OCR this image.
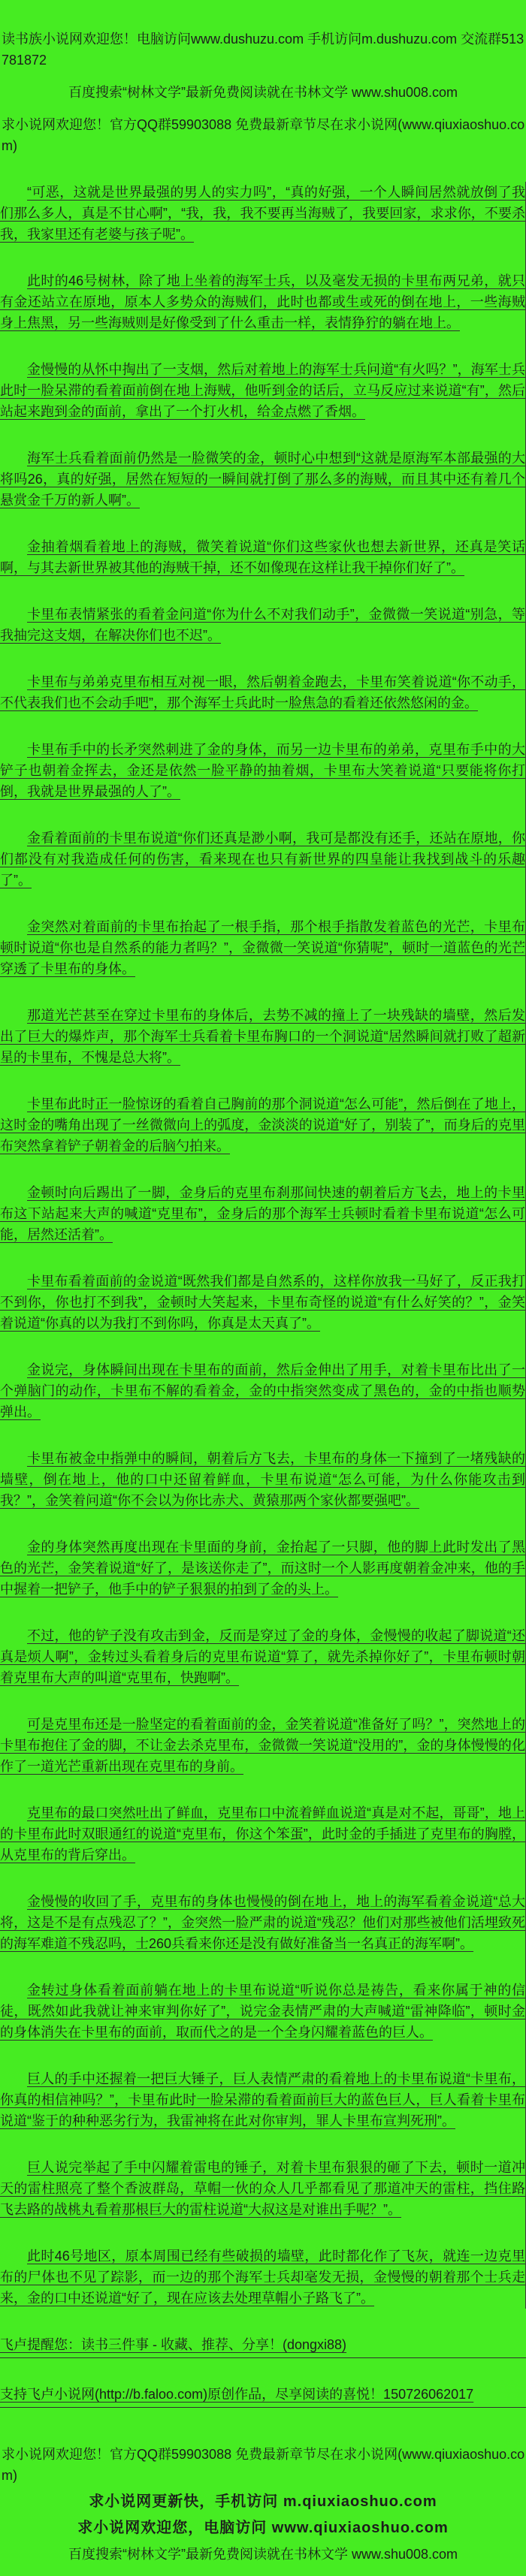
读书族小说网欢迎您！电脑访问www.dushuzu.com 手机访问m.dushuzu.com 交流群513781872

百度搜索“树林文学”最新免费阅读就在书林文学 www.shu008.com

求小说网欢迎您！官方QQ群59903088 免费最新章节尽在求小说网(www.qiuxiaoshuo.com)

“可恶，这就是世界最强的男人的实力吗”，“真的好强，一个人瞬间居然就放倒了我们那么多人，真是不甘心啊”，“我，我，我不要再当海贼了，我要回家，求求你，不要杀我，我家里还有老婆与孩子呢”。

此时的46号树林，除了地上坐着的海军士兵，以及毫发无损的卡里布两兄弟，就只有金还站立在原地，原本人多势众的海贼们，此时也都或生或死的倒在地上，一些海贼身上焦黑，另一些海贼则是好像受到了什么重击一样，表情狰狞的躺在地上。

金慢慢的从怀中掏出了一支烟，然后对着地上的海军士兵问道“有火吗？”，海军士兵此时一脸呆滞的看着面前倒在地上海贼，他听到金的话后，立马反应过来说道“有”，然后站起来跑到金的面前，拿出了一个打火机，给金点燃了香烟。

海军士兵看着面前仍然是一脸微笑的金，顿时心中想到“这就是原海军本部最强的大将吗26，真的好强，居然在短短的一瞬间就打倒了那么多的海贼，而且其中还有着几个悬赏金千万的新人啊”。

金抽着烟看着地上的海贼，微笑着说道“你们这些家伙也想去新世界，还真是笑话啊，与其去新世界被其他的海贼干掉，还不如像现在这样让我干掉你们好了”。

卡里布表情紧张的看着金问道“你为什么不对我们动手”，金微微一笑说道“别急，等我抽完这支烟，在解决你们也不迟”。

卡里布与弟弟克里布相互对视一眼，然后朝着金跑去，卡里布笑着说道“你不动手，不代表我们也不会动手吧”，那个海军士兵此时一脸焦急的看着还依然悠闲的金。

卡里布手中的长矛突然刺进了金的身体，而另一边卡里布的弟弟，克里布手中的大铲子也朝着金挥去，金还是依然一脸平静的抽着烟，卡里布大笑着说道“只要能将你打倒，我就是世界最强的人了”。

金看着面前的卡里布说道“你们还真是渺小啊，我可是都没有还手，还站在原地，你们都没有对我造成任何的伤害，看来现在也只有新世界的四皇能让我找到战斗的乐趣了”。

金突然对着面前的卡里布抬起了一根手指，那个根手指散发着蓝色的光芒，卡里布顿时说道“你也是自然系的能力者吗？”，金微微一笑说道“你猜呢”，顿时一道蓝色的光芒穿透了卡里布的身体。

那道光芒甚至在穿过卡里布的身体后，去势不减的撞上了一块残缺的墙壁，然后发出了巨大的爆炸声，那个海军士兵看着卡里布胸口的一个洞说道“居然瞬间就打败了超新星的卡里布，不愧是总大将”。

卡里布此时正一脸惊讶的看着自己胸前的那个洞说道“怎么可能”，然后倒在了地上，这时金的嘴角出现了一丝微微向上的弧度，金淡淡的说道“好了，别装了”，而身后的克里布突然拿着铲子朝着金的后脑勺拍来。

金顿时向后踢出了一脚，金身后的克里布刹那间快速的朝着后方飞去，地上的卡里布这下站起来大声的喊道“克里布”，金身后的那个海军士兵顿时看着卡里布说道“怎么可能，居然还活着”。

卡里布看着面前的金说道“既然我们都是自然系的，这样你放我一马好了，反正我打不到你，你也打不到我”，金顿时大笑起来，卡里布奇怪的说道“有什么好笑的？”，金笑着说道“你真的以为我打不到你吗，你真是太天真了”。

金说完，身体瞬间出现在卡里布的面前，然后金伸出了用手，对着卡里布比出了一个弹脑门的动作，卡里布不解的看着金，金的中指突然变成了黑色的，金的中指也顺势弹出。

卡里布被金中指弹中的瞬间，朝着后方飞去，卡里布的身体一下撞到了一堵残缺的墙壁，倒在地上，他的口中还留着鲜血，卡里布说道“怎么可能，为什么你能攻击到我？”，金笑着问道“你不会以为你比赤犬、黄猿那两个家伙都要强吧”。

金的身体突然再度出现在卡里面的身前，金抬起了一只脚，他的脚上此时发出了黑色的光芒，金笑着说道“好了，是该送你走了”，而这时一个人影再度朝着金冲来，他的手中握着一把铲子，他手中的铲子狠狠的拍到了金的头上。

不过，他的铲子没有攻击到金，反而是穿过了金的身体，金慢慢的收起了脚说道“还真是烦人啊”，金转过头看着身后的克里布说道“算了，就先杀掉你好了”，卡里布顿时朝着克里布大声的叫道“克里布，快跑啊”。

可是克里布还是一脸坚定的看着面前的金，金笑着说道“准备好了吗？”，突然地上的卡里布抱住了金的脚，不让金去杀克里布，金微微一笑说道“没用的”，金的身体慢慢的化作了一道光芒重新出现在克里布的身前。

克里布的最口突然吐出了鲜血，克里布口中流着鲜血说道“真是对不起，哥哥”，地上的卡里布此时双眼通红的说道“克里布，你这个笨蛋”，此时金的手插进了克里布的胸膛，从克里布的背后穿出。

金慢慢的收回了手，克里布的身体也慢慢的倒在地上，地上的海军看着金说道“总大将，这是不是有点残忍了？”，金突然一脸严肃的说道“残忍？他们对那些被他们活埋致死的海军难道不残忍吗，士260兵看来你还是没有做好准备当一名真正的海军啊”。

金转过身体看着面前躺在地上的卡里布说道“听说你总是祷告，看来你属于神的信徒，既然如此我就让神来审判你好了”，说完金表情严肃的大声喊道“雷神降临”，顿时金的身体消失在卡里布的面前，取而代之的是一个全身闪耀着蓝色的巨人。

巨人的手中还握着一把巨大锤子，巨人表情严肃的看着地上的卡里布说道“卡里布，你真的相信神吗？”，卡里布此时一脸呆滞的看着面前巨大的蓝色巨人，巨人看着卡里布说道“鉴于的种种恶劣行为，我雷神将在此对你审判，罪人卡里布宣判死刑”。

巨人说完举起了手中闪耀着雷电的锤子，对着卡里布狠狠的砸了下去，顿时一道冲天的雷柱照亮了整个香波群岛，草帽一伙的众人几乎都看见了那道冲天的雷柱，挡住路飞去路的战桃丸看着那根巨大的雷柱说道“大叔这是对谁出手呢？”。

此时46号地区，原本周围已经有些破损的墙壁，此时都化作了飞灰，就连一边克里布的尸体也不见了踪影，而一边的那个海军士兵却毫发无损，金慢慢的朝着那个士兵走来，金的口中还说道“好了，现在应该去处理草帽小子路飞了”。

飞卢提醒您：读书三件事 - 收藏、推荐、分享！(dongxi88)

支持飞卢小说网(http://b.faloo.com)原创作品，尽享阅读的喜悦！150726062017

求小说网欢迎您！官方QQ群59903088 免费最新章节尽在求小说网(www.qiuxiaoshuo.com)

求小说网更新快，手机访问 m.qiuxiaoshuo.com

求小说网欢迎您，电脑访问 www.qiuxiaoshuo.com

百度搜索“树林文学”最新免费阅读就在书林文学 www.shu008.com
